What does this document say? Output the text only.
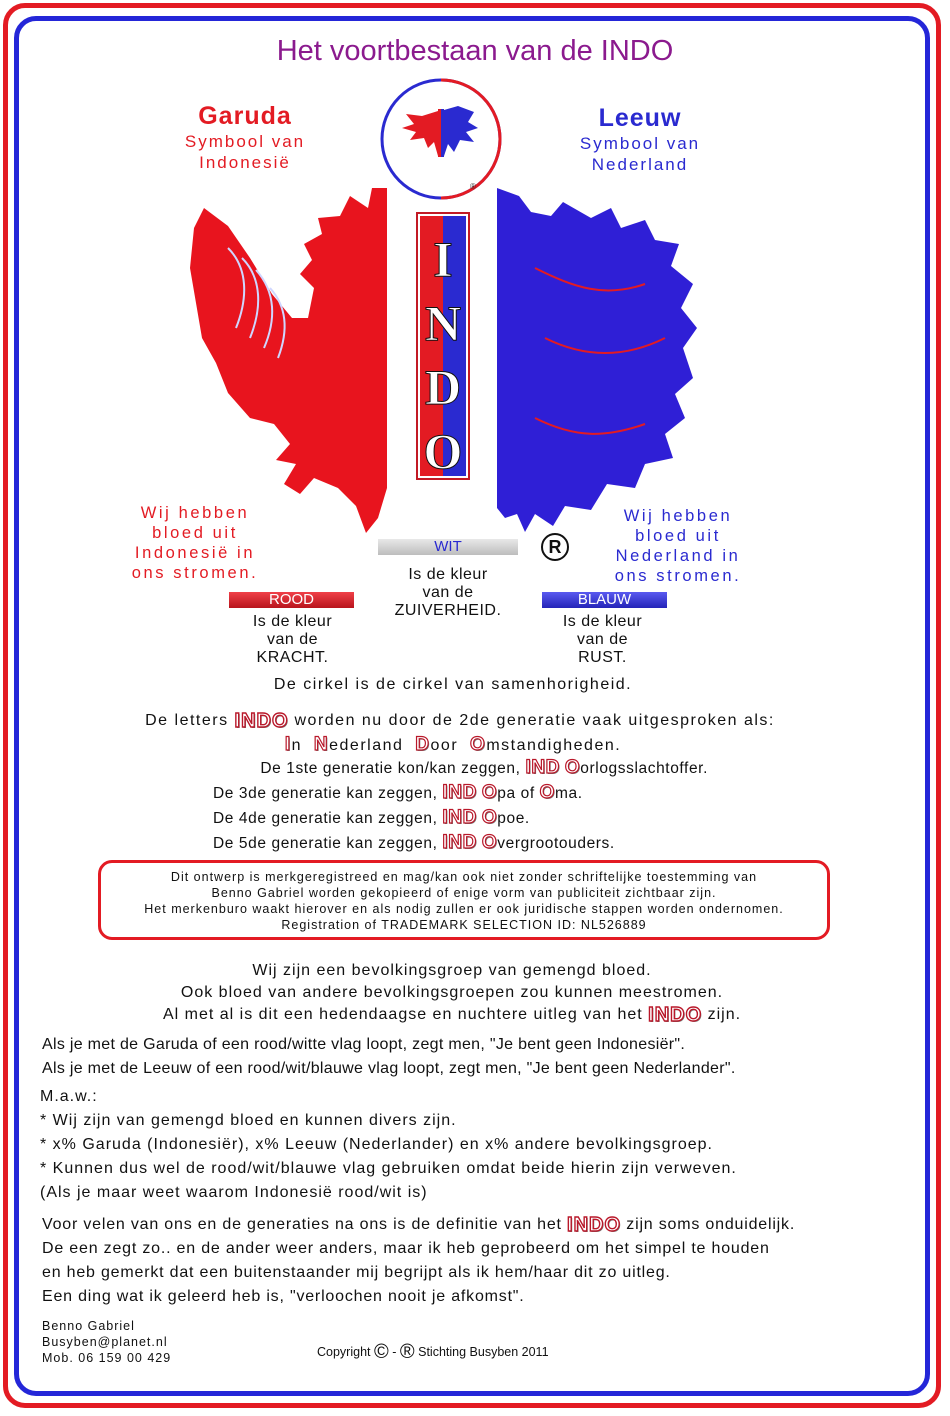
Het voortbestaan van de INDO
Garuda
Symbool van
Indonesië
Leeuw
Symbool van
Nederland
®
I
N
D
O
Wij hebben
bloed uit
Indonesië in
ons stromen.
Wij hebben
bloed uit
Nederland in
ons stromen.
R
WIT
Is de kleur
van de
ZUIVERHEID.
ROOD
Is de kleur
van de
KRACHT.
BLAUW
Is de kleur
van de
RUST.
De cirkel is de cirkel van samenhorigheid.
De letters INDO worden nu door de 2de generatie vaak uitgesproken als:
In Nederland Door Omstandigheden.
De 1ste generatie kon/kan zeggen, IND Oorlogsslachtoffer.
De 3de generatie kan zeggen, IND Opa of Oma.
De 4de generatie kan zeggen, IND Opoe.
De 5de generatie kan zeggen, IND Overgrootouders.

Dit ontwerp is merkgeregistreed en mag/kan ook niet zonder schriftelijke toestemming van

Benno Gabriel worden gekopieerd of enige vorm van publiciteit zichtbaar zijn.

Het merkenburo waakt hierover en als nodig zullen er ook juridische stappen worden ondernomen.

Registration of TRADEMARK SELECTION ID: NL526889

Wij zijn een bevolkingsgroep van gemengd bloed.
Ook bloed van andere bevolkingsgroepen zou kunnen meestromen.
Al met al is dit een hedendaagse en nuchtere uitleg van het INDO zijn.
Als je met de Garuda of een rood/witte vlag loopt, zegt men, "Je bent geen Indonesiër".
Als je met de Leeuw of een rood/wit/blauwe vlag loopt, zegt men, "Je bent geen Nederlander".
M.a.w.:
* Wij zijn van gemengd bloed en kunnen divers zijn.
* x% Garuda (Indonesiër), x% Leeuw (Nederlander) en x% andere bevolkingsgroep.
* Kunnen dus wel de rood/wit/blauwe vlag gebruiken omdat beide hierin zijn verweven.
(Als je maar weet waarom Indonesië rood/wit is)
Voor velen van ons en de generaties na ons is de definitie van het INDO zijn soms onduidelijk.
De een zegt zo.. en de ander weer anders, maar ik heb geprobeerd om het simpel te houden
en heb gemerkt dat een buitenstaander mij begrijpt als ik hem/haar dit zo uitleg.
Een ding wat ik geleerd heb is, "verloochen nooit je afkomst".
Benno Gabriel
Busyben@planet.nl
Mob. 06 159 00 429	Copyright © - ® Stichting Busyben 2011
